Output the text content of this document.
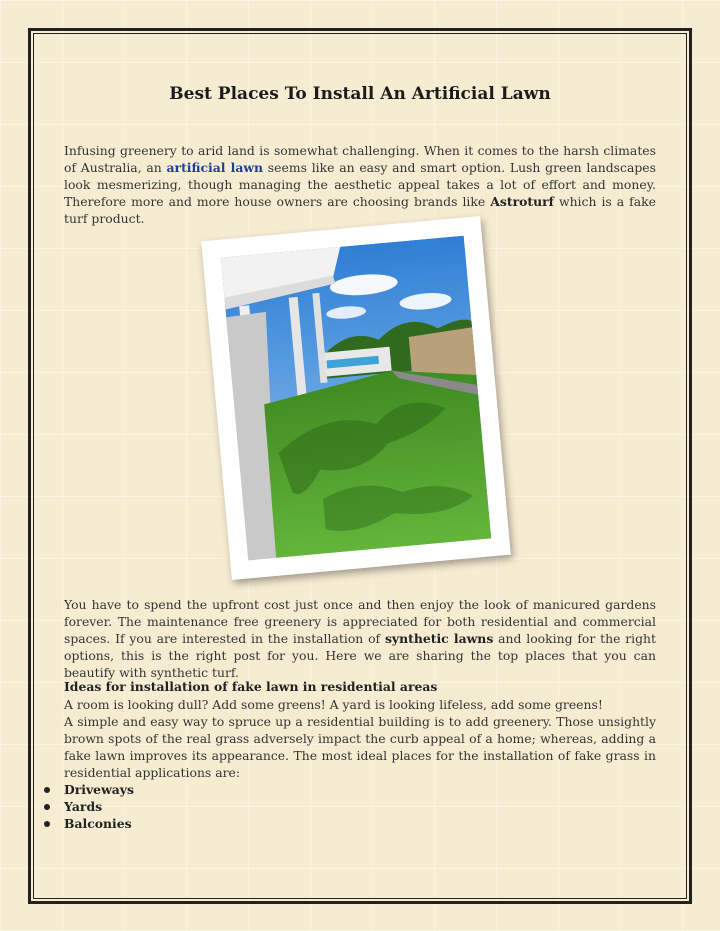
Best Places To Install An Artificial Lawn

Infusing greenery to arid land is somewhat challenging. When it comes to the harsh climates of Australia, an artificial lawn seems like an easy and smart option. Lush green landscapes look mesmerizing, though managing the aesthetic appeal takes a lot of effort and money. Therefore more and more house owners are choosing brands like Astroturf which is a fake turf product.

You have to spend the upfront cost just once and then enjoy the look of manicured gardens forever. The maintenance free greenery is appreciated for both residential and commercial spaces. If you are interested in the installation of synthetic lawns and looking for the right options, this is the right post for you. Here we are sharing the top places that you can beautify with synthetic turf.

Ideas for installation of fake lawn in residential areas
A room is looking dull? Add some greens! A yard is looking lifeless, add some greens!
A simple and easy way to spruce up a residential building is to add greenery. Those unsightly brown spots of the real grass adversely impact the curb appeal of a home; whereas, adding a fake lawn improves its appearance. The most ideal places for the installation of fake grass in residential applications are:
Driveways
Yards
Balconies
